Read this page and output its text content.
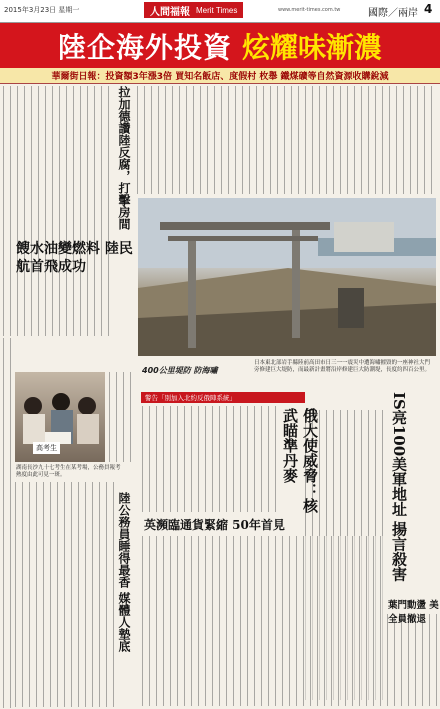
2015年3月23日 星期一	人間福報 Merit Times	www.merit-times.com.tw	國際／兩岸 4
陸企海外投資 炫耀味漸濃
華爾街日報：投資額3年漲3倍 買知名飯店、度假村 枚舉 鐵煤礦等自然資源收購銳減
拉加德讚陸反腐，打擊房間
餿水油變燃料 陸民航首飛成功
高考生
湖南長沙九十七考生在某考場，公務員報考熱度由此可見一斑。
陸公務員睡得最香 媒體人墊底
400公里堤防 防海嘯
日本東北部岩手縣陸前高田市日三一一震災中遭海嘯摧毀的一座神社大門旁修建巨大堤防，而最新計畫將沿岸修建巨大防潮堤，長度約四百公里。
警告「別加入北約反俄陣系統」
俄大使威脅：核武瞄準丹麥
英瀕臨通貨緊縮 50年首見	IS亮100美軍地址 揚言殺害
葉門動盪 美全員撤退
